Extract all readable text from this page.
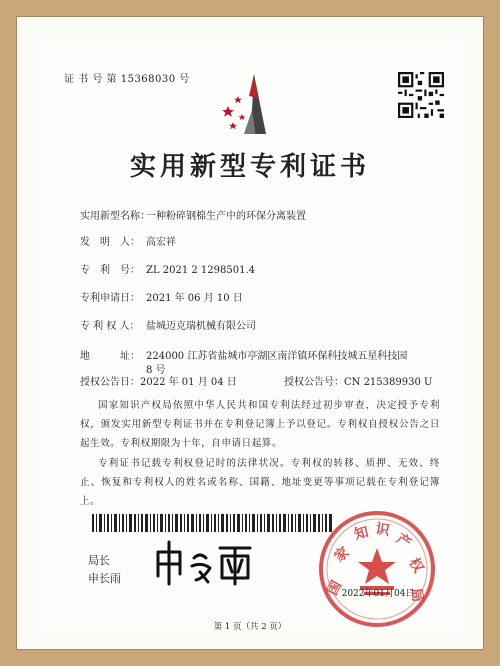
证 书 号 第 15368030 号
实用新型专利证书
实用新型名称：一种粉碎钢棉生产中的环保分离装置
发　明　人： 高宏祥
专　利　号： ZL 2021 2 1298501.4
专利申请日： 2021 年 06 月 10 日
专 利 权 人： 盐城迈克瑞机械有限公司
地　　　址： 224000 江苏省盐城市亭湖区南洋镇环保科技城五星科技园 8 号
授权公告日：2022 年 01 月 04 日	授权公告号：CN 215389930 U
国家知识产权局依照中华人民共和国专利法经过初步审查，决定授予专利权，颁发实用新型专利证书并在专利登记簿上予以登记。专利权自授权公告之日起生效。专利权期限为十年，自申请日起算。
专利证书记载专利权登记时的法律状况。专利权的转移、质押、无效、终止、恢复和专利权人的姓名或名称、国籍、地址变更等事项记载在专利登记簿上。
局长
申长雨	国
家
知 识
产
权
局
2022年01月04日
第 1 页（共 2 页）
